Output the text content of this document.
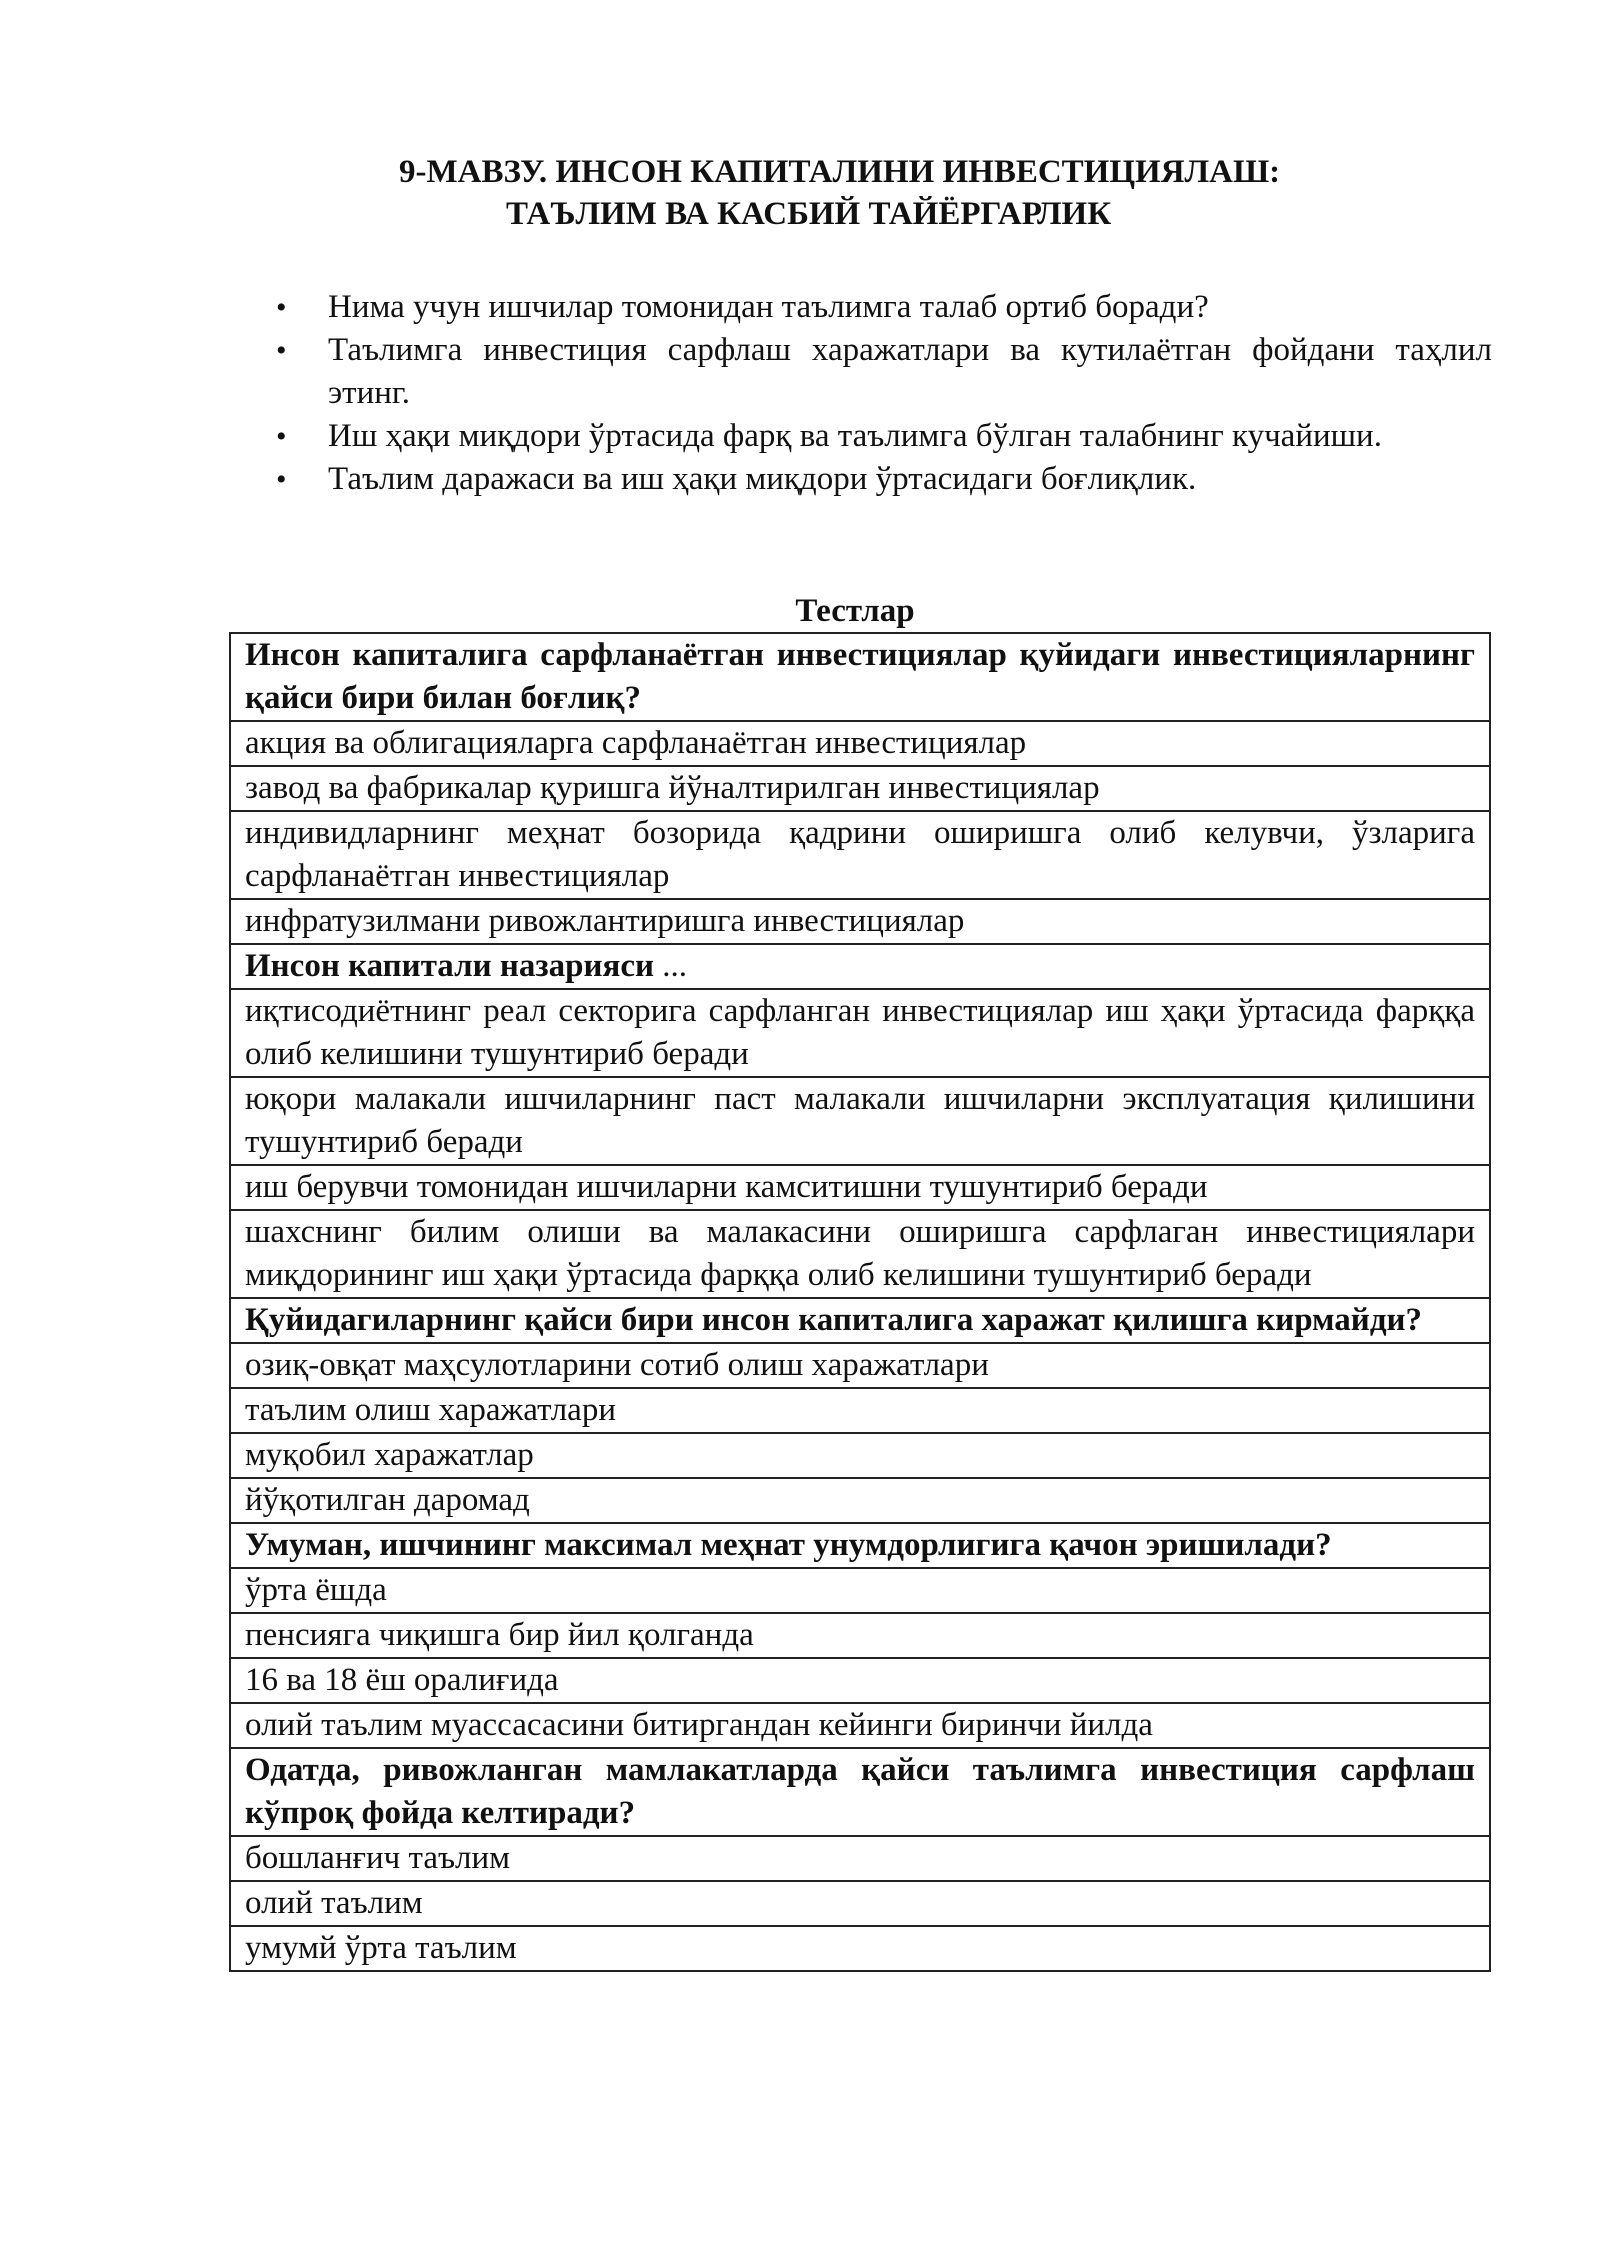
9-МАВЗУ. ИНСОН КАПИТАЛИНИ ИНВЕСТИЦИЯЛАШ:
ТАЪЛИМ ВА КАСБИЙ ТАЙЁРГАРЛИК
•	Нима учун ишчилар томонидан таълимга талаб ортиб боради?
•	Таълимга инвестиция сарфлаш харажатлари ва кутилаётган фойдани таҳлил этинг.
•	Иш ҳақи миқдори ўртасида фарқ ва таълимга бўлган талабнинг кучайиши.
•	Таълим даражаси ва иш ҳақи миқдори ўртасидаги боғлиқлик.
Тестлар
Инсон капиталига сарфланаётган инвестициялар қуйидаги инвестицияларнинг қайси бири билан боғлиқ?
акция ва облигацияларга сарфланаётган инвестициялар
завод ва фабрикалар қуришга йўналтирилган инвестициялар
индивидларнинг меҳнат бозорида қадрини оширишга олиб келувчи, ўзларига сарфланаётган инвестициялар
инфратузилмани ривожлантиришга инвестициялар
Инсон капитали назарияси ...
иқтисодиётнинг реал секторига сарфланган инвестициялар иш ҳақи ўртасида фарққа олиб келишини тушунтириб беради
юқори малакали ишчиларнинг паст малакали ишчиларни эксплуатация қилишини тушунтириб беради
иш берувчи томонидан ишчиларни камситишни тушунтириб беради
шахснинг билим олиши ва малакасини оширишга сарфлаган инвестициялари миқдорининг иш ҳақи ўртасида фарққа олиб келишини тушунтириб беради
Қуйидагиларнинг қайси бири инсон капиталига харажат қилишга кирмайди?
озиқ-овқат маҳсулотларини сотиб олиш харажатлари
таълим олиш харажатлари
муқобил харажатлар
йўқотилган даромад
Умуман, ишчининг максимал меҳнат унумдорлигига қачон эришилади?
ўрта ёшда
пенсияга чиқишга бир йил қолганда
16 ва 18 ёш оралиғида
олий таълим муассасасини битиргандан кейинги биринчи йилда
Одатда, ривожланган мамлакатларда қайси таълимга инвестиция сарфлаш кўпроқ фойда келтиради?
бошланғич таълим
олий таълим
умумй ўрта таълим
